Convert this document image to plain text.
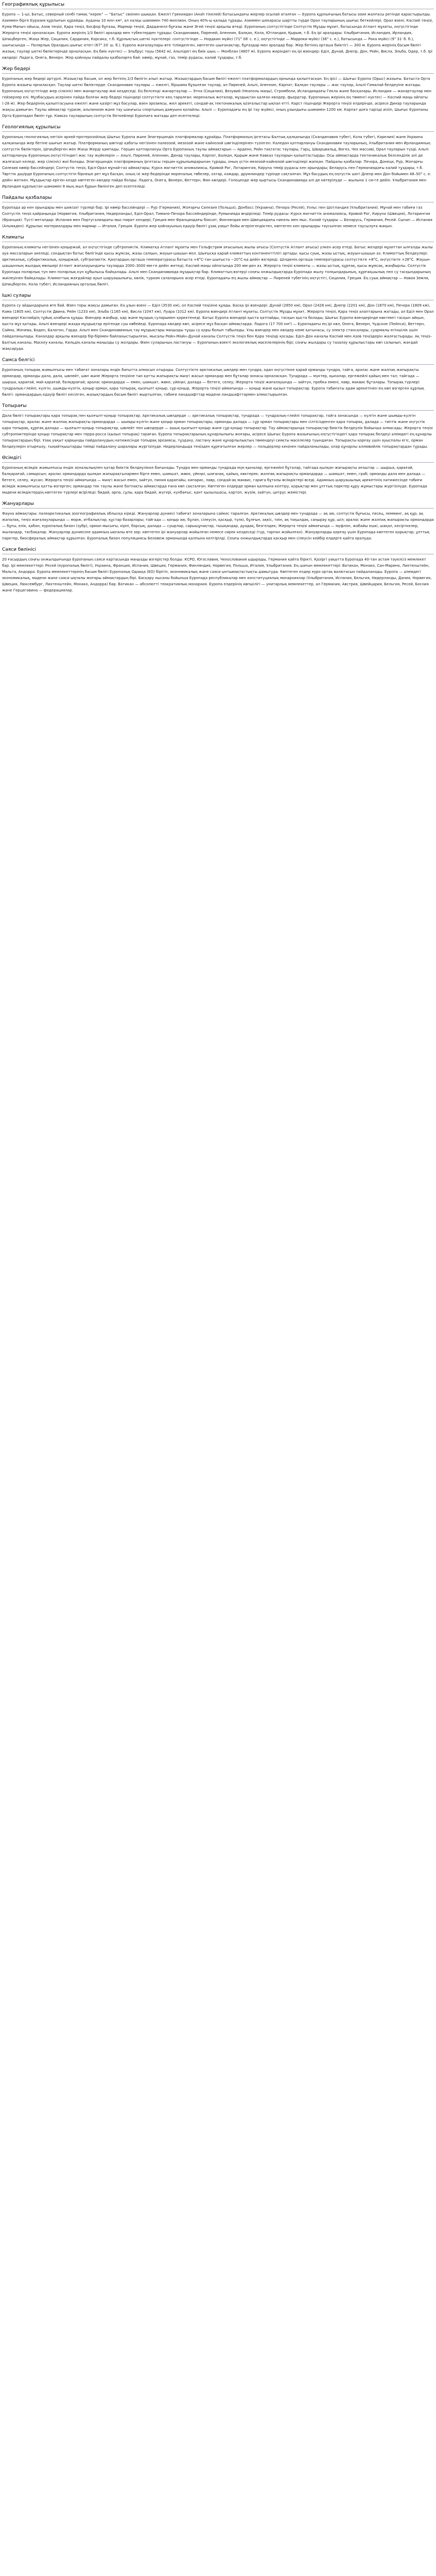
Географиялық құрылысы

Еуропа — 1-ші, Батыс, северный сенбі тамақ “керек” — “Батыс” сөзінен шыққан. Ежелгі Грекиядан (Анаһ тікелей) батысындағы жерлер осылай аталған — Еуропа құрлығының батысы азия жалғасы ретінде қарастырылды. Азиямен бірге Еуразия құрлығын құрайды. Ауданы 10 млн км², ал халқы шамамен 740 миллион. Оның 40%-ы қалада тұрады. Азиямен шекарасы шартты түрде Орал тауларының шығыс беткейлері, Орал өзені, Каспий теңізі, Кума-Маныч ойысы, Азов теңізі, Қара теңіз, Босфор бұғазы, Мәрмәр теңізі, Дарданелл бұғазы және Эгей теңізі арқылы өтеді. Еуропаның солтүстігінде Солтүстік Мұзды мұхит, батысында Атлант мұхиты, оңтүстігінде Жерорта теңізі орналасқан. Еуропа жерінің 1/3 бөлігі аралдар мен түбектерден тұрады: Скандинавия, Пиреней, Апеннин, Балқан, Кола, Ютландия, Қырым, т.б. Ең ірі аралдары: Ұлыбритания, Исландия, Ирландия, Шпицберген, Жаңа Жер, Сицилия, Сардиния, Корсика, т.б. Құрлықтың шеткі нүктелері: солтүстігінде — Нордкин мүйісі (71° 08′ с. е.), оңтүстігінде — Марроки мүйісі (36° с. е.), батысында — Рока мүйісі (9° 31′ б. б.), шығысында — Полярлық Оралдың шығыс етегі (67° 20′ ш. б.). Еуропа жағалаулары өте тілімделген, көптеген шығанақтар, бұғаздар мен аралдар бар. Жер бетінің орташа биіктігі — 300 м. Еуропа жерінің басым бөлігі жазық; таулар шеткі бөліктерінде орналасқан. Ең биік нүктесі — Эльбрус тауы (5642 м), Альпідегі ең биік шың — Монблан (4807 м). Еуропа жеріндегі ең ірі өзендер: Еділ, Дунай, Днепр, Дон, Рейн, Висла, Эльба, Одер, т.б. Ірі көлдері: Ладога, Онега, Венерн. Жер қойнауы пайдалы қазбаларға бай: көмір, мұнай, газ, темір рудасы, калий тұздары, т.б.

Жер бедері

Еуропаның жер бедері әртүрлі. Жазықтар басым, ол жер бетінің 2/3 бөлігін алып жатыр. Жазықтардың басым бөлігі ежелгі платформалардың орнында қалыптасқан. Ең ірісі — Шығыс Еуропа (Орыс) жазығы. Батыста Орта Еуропа жазығы орналасқан. Таулар шеткі бөліктерде. Скандинавия таулары — ежелгі, біршама бұзылған таулар, ал Пиреней, Альпі, Апеннин, Карпат, Балқан таулары — жас таулар, Альпі-Гималай белдеуіне жатады. Еуропаның оңтүстігінде жер сілкінісі мен жанартаулар жиі кездеседі. Ең белсенді жанартаулар — Этна (Сицилия), Везувий (Неаполь маңы), Стромболи, Исландиядағы Гекла және басқалары. Исландия — жанартаулар мен гейзерлер елі. Мұзбасудың әсерінен пайда болған жер бедері пішіндері солтүстікте кең таралған: мореналық жоталар, мұздықтан қалған көлдер, фьордтар. Еуропаның жерінің ең төменгі нүктесі — Каспий маңы ойпаты (-28 м). Жер бедерінің қалыптасуына ежелгі және қазіргі мұз басулар, өзен эрозиясы, жел әрекеті, сондай-ақ тектоникалық қозғалыстар ықпал етті. Карст пішіндері Жерорта теңізі елдерінде, әсіресе Динар тауларында жақсы дамыған. Таулы аймақтар туризм, альпинизм және тау шаңғысы спортының дамуына қолайлы. Альпі — Еуропадағы ең ірі тау жүйесі, оның ұзындығы шамамен 1200 км. Карпат доға тәрізді иіліп, Шығыс Еуропаны Орта Еуропадан бөліп тұр. Кавказ тауларының солтүстік беткейлері Еуропаға жатады деп есептеледі.

Геологиялық құрылысы

Еуропаның геологиялық негізін архей-протерозойлық Шығыс Еуропа және Эпигерциндік платформалар құрайды. Платформаның іргетасы Балтық қалқанында (Скандинавия түбегі, Кола түбегі, Карелия) және Украина қалқанында жер бетіне шығып жатыр. Платформаның шөгінді қабаты негізінен палеозой, мезозой және кайнозой шөгінділерінен түзілген. Каледон қатпарлануы Скандинавия тауларының, Ұлыбритания мен Ирландияның солтүстік бөліктерін, Шпицберген мен Жаңа Жерді қамтиды. Герцин қатпарлануы Орта Еуропаның таулы аймақтарын — Арденн, Рейн тақтатас таулары, Гарц, Шварцвальд, Вогез, Чех массиві, Орал тауларын түзді. Альпі қатпарлануы Еуропаның оңтүстігіндегі жас тау жүйелерін — Альпі, Пиреней, Апеннин, Динар таулары, Карпат, Балқан, Қырым және Кавказ тауларын қалыптастырды. Осы аймақтарда тектоникалық белсенділік әлі де жалғасып келеді, жер сілкінісі жиі болады. Эпигерциндік платформаның іргетасы герцин құрылымдарынан тұрады, оның үстін мезозой-кайнозой шөгінділері жапқан. Пайдалы қазбалар: Печора, Донецк, Рур, Жоғарғы Силезия көмір бассейндері; Солтүстік теңіз, Еділ-Орал мұнай-газ аймақтары; Курск магниттік аномалиясы, Кривой Рог, Лотарингия, Кируна темір рудасы кен орындары; Беларусь пен Германиядағы калий тұздары; т.б. Төрттік дәуірде Еуропаның солтүстігін бірнеше рет мұз басқан, оның ізі жер бедерінде мореналық төбелер, озтар, камдар, друмлиндер түрінде сақталған. Мұз басудың ең оңтүстік шегі Днепр мен Дон бойымен 48–50° с. е. дейін жеткен. Мұздықтар еріген кезде көптеген көлдер пайда болды: Ладога, Онега, Венерн, Веттерн, Фин көлдері. Голоценде жер қыртысы Скандинавияда әлі де көтерілуде — жылына 1 см-ге дейін. Ұлыбритания мен Ирландия құрлықтан шамамен 8 мың жыл бұрын бөлінген деп есептеледі.

Пайдалы қазбалары

Еуропада әр кен орындары мен шикізат түрлері бар. Ірі көмір бассейндері — Рур (Германия), Жоғарғы Силезия (Польша), Донбасс (Украина), Печора (Ресей), Уэльс пен Шотландия (Ұлыбритания). Мұнай мен табиғи газ Солтүстік теңіз қайраңында (Норвегия, Ұлыбритания, Нидерланды), Еділ-Орал, Тимано-Печора бассейндерінде, Румынияда өндіріледі. Темір рудасы: Курск магниттік аномалиясы, Кривой Рог, Кируна (Швеция), Лотарингия (Франция). Түсті металдар: Испания мен Португалиядағы мыс-пирит кендері, Греция мен Франциядағы боксит, Финляндия мен Швециядағы никель мен мыс. Калий тұздары — Беларусь, Германия, Ресей. Сынап — Испания (Альмаден). Құрылыс материалдары мен мәрмәр — Италия, Греция. Еуропа жер қойнауының едәуір бөлігі ұзақ уақыт бойы игерілгендіктен, көптеген кен орындары таусылған немесе таусылуға жақын.

Климаты

Еуропаның климаты негізінен қоңыржай, ал оңтүстігінде субтропиктік. Климатқа Атлант мұхиты мен Гольфстрим ағысының жылы ағысы (Солтүстік Атлант ағысы) үлкен әсер етеді. Батыс желдері мұхиттан ылғалды жылы ауа массаларын әкеледі, сондықтан батыс бөлігінде қысы жұмсақ, жазы салқын, жауын-шашын мол. Шығысқа қарай климаттың континенттілігі артады: қысы суық, жазы ыстық, жауын-шашын аз. Климаттық белдеулері: арктикалық, субарктикалық, қоңыржай, субтропиктік. Қаңтардың орташа температурасы батыста +8°C-тан шығыста −20°C-қа дейін өзгереді. Шілденің орташа температурасы солтүстікте +8°C, оңтүстікте +28°C. Жауын-шашынның жылдық мөлшері Атлант жағалауындағы тауларда 2000–3000 мм-ге дейін жетеді, Каспий маңы ойпатында 200 мм-ден аз. Жерорта теңізі климаты — жазы ыстық, құрғақ, қысы жұмсақ, жаңбырлы. Солтүстік Еуропада полярлық түн мен полярлық күн құбылысы байқалады. Альпі мен Скандинавияда мұздықтар бар. Климаттың өзгеруі соңғы онжылдықтарда Еуропада жылу толқындарының, құрғақшылық пен су тасқындарының жиілеуінен байқалады. Климаттық жағдайлар ауыл шаруашылығы, көлік, туризм салаларына әсер етеді. Еуропадағы ең жылы аймақтар — Пиреней түбегінің оңтүстігі, Сицилия, Греция. Ең суық аймақтар — Новая Земля, Шпицберген, Кола түбегі, Исландияның орталық бөлігі.

Ішкі сулары

Еуропа су айдындарына өте бай. Өзен торы жақсы дамыған. Ең ұзын өзені — Еділ (3530 км), ол Каспий теңізіне құяды. Басқа ірі өзендері: Дунай (2850 км), Орал (2428 км), Днепр (2201 км), Дон (1870 км), Печора (1809 км), Кама (1805 км), Солтүстік Двина, Рейн (1233 км), Эльба (1165 км), Висла (1047 км), Луара (1012 км). Еуропа өзендері Атлант мұхиты, Солтүстік Мұзды мұхит, Жерорта теңізі, Қара теңіз алаптарына жатады, ал Еділ мен Орал өзендері Каспийдің тұйық алабына құяды. Өзендер жаңбыр, қар және мұздық суларымен қоректенеді. Батыс Еуропа өзендері қыста қатпайды, тасқын қыста болады; Шығыс Еуропа өзендерінде көктемгі тасқын айқын, қыста мұз қатады. Альпі өзендері жазда мұздықтар ерігенде суы көбейеді. Еуропада көлдер көп, әсіресе мұз басқан аймақтарда: Ладога (17 700 км²) — Еуропадағы ең ірі көл, Онега, Венерн, Чудское (Пейпси), Веттерн, Сайма, Женева, Боден, Балатон, Гарда. Альпі мен Скандинавияның тау мұздықтары маңызды тұщы су қоры болып табылады. Ұлы өзендер мен көлдер кеме қатынасы, су электр стансалары, суармалы егіншілік үшін пайдаланылады. Каналдар арқылы өзендер бір-бірімен байланыстырылған, мысалы Рейн–Майн–Дунай каналы Солтүстік теңіз бен Қара теңізді қосады. Еділ–Дон каналы Каспий мен Азов теңіздерін жалғастырады. Ақ теңіз–Балтық каналы, Мәскеу каналы, Кильдің каналы маңызды су жолдары. Өзен суларының ластануы — Еуропаның өзекті экологиялық мәселелерінің бірі; соңғы жылдары су тазалау құрылыстары көп салынып, жағдай жақсаруда.

Самса белгісі

Еуропаның топырақ жамылғысы мен табиғат зоналары ендік бағытта алмасып отырады. Солтүстікте арктикалық шөлдер мен тундра, одан оңтүстікке қарай орманды тундра, тайга, аралас және жалпақ жапырақты ормандар, орманды дала, дала, шөлейт, шөл және Жерорта теңізіне тән қатты жапырақты мәңгі жасыл ормандар мен бұталар зонасы орналасқан. Тундрада — мүктер, қыналар, ергежейлі қайың мен тал; тайгада — шырша, қарағай, май қарағай, балқарағай; аралас ормандарда — емен, шамшат, жөке, үйеңкі; далада — бетеге, селеу; Жерорта теңізі жағалауында — зәйтүн, пробка емені, лавр, маквис бұталары. Топырақ түрлері: тундралық-глейлі, күлгін, шымды-күлгін, қоңыр орман, қара топырақ, қызғылт қоңыр, сұр-қоңыр, Жерорта теңізі аймағында — қоңыр және қызыл топырақтар. Еуропа табиғаты адам әрекетінен ең көп өзгерген құрлық бөлігі: ормандардың едәуір бөлігі кесілген, жазықтардың басым бөлігі жыртылған, табиғи ландшафттар мәдени ландшафттармен алмастырылған.

Топырағы

Дала бөлігі топырақтары қара топырақ пен қызғылт-қоңыр топырақтар. Арктикалық шөлдерде — арктикалық топырақтар, тундрада — тундралық-глейлі топырақтар, тайга зонасында — күлгін және шымды-күлгін топырақтар, аралас және жалпақ жапырақты ормандарда — шымды-күлгін және қоңыр орман топырақтары, орманды далада — сұр орман топырақтары мен сілтісізденген қара топырақ, далада — типтік және оңтүстік қара топырақ, құрғақ далада — қызғылт-қоңыр топырақтар, шөлейт пен шөлдерде — ашық қызғылт-қоңыр және сұр-қоңыр топырақтар. Тау аймақтарында топырақтар биіктік белдеулік бойынша алмасады. Жерорта теңізі субтропиктерінде қоңыр топырақтар мен терра-росса (қызыл топырақ) тараған. Еуропа топырақтарының құнарлылығы жоғары, әсіресе Шығыс Еуропа жазығының оңтүстігіндегі қара топырақ белдеуі әлемдегі ең құнарлы топырақтардың бірі. Ұзақ уақыт қарқынды пайдаланудың нәтижесінде топырақ эрозиясы, тұздану, ластану және құнарлылықтың төмендеуі сияқты мәселелер туындаған. Топырақты қорғау үшін ауыспалы егіс, орман белдеулерін отырғызу, тыңайтқыштарды тиімді пайдалану шаралары жүргізілуде. Нидерландыда теңізден құрғатылған жерлер — польдерлер кеңінен пайдаланылады, олар құнарлы аллювийлік топырақтардан тұрады.

Өсімдігі

Еуропаның өсімдік жамылғысы ендік зоналылықпен қатар биіктік белдеулікке бағынады. Тундра мен орманды тундрада мүк-қыналар, ергежейлі бұталар, тайгада қылқан жапырақты ағаштар — шырша, қарағай, балқарағай, самырсын; аралас ормандарда қылқан жапырақтылармен бірге емен, шамшат, жөке, үйеңкі, шағанақ, қайың, көктерек; жалпақ жапырақты ормандарда — шамшат, емен, граб; орманды дала мен далада — бетеге, селеу, жусан; Жерорта теңізі аймағында — мәңгі жасыл емен, зәйтүн, пиния қарағайы, кипарис, лавр, сондай-ақ маквис, гарига бұталы өсімдіктері өседі. Адамның шаруашылық әрекетінің нәтижесінде табиғи өсімдік жамылғысы қатты өзгерген; ормандар тек таулы және батпақты аймақтарда ғана көп сақталған. Көптеген елдерде орман қалпына келтіру, қорықтар мен ұлттық парктер құру жұмыстары жүргізілуде. Еуропада мәдени өсімдіктердің көптеген түрлері өсіріледі: бидай, арпа, сұлы, қара бидай, жүгері, күнбағыс, қант қызылшасы, картоп, жүзім, зәйтүн, цитрус жемістері.

Жануарлары

Фауна аймақтары: палеарктикалық зоогеографиялық облысқа кіреді. Жануарлар дүниесі табиғат зоналарына сәйкес таралған. Арктикалық шөлдер мен тундрада — ақ аю, солтүстік бұғысы, песец, лемминг, ақ құр, ақ жапалақ, теңіз жағалауларында — морж, итбалықтар, құстар базарлары; тайгада — қоңыр аю, бұлан, сілеусін, қасқыр, түлкі, бұлғын, ақкіс, тиін, ақ тоқылдақ, саңырау құр, шіл; аралас және жалпақ жапырақты ормандарда — бұғы, елік, қабан, еуропалық бизон (зубр), орман мысығы, кірпі, борсық; далада — суырлар, сарышұнақтар, тышқандар, дуадақ, безгелдек; Жерорта теңізі аймағында — муфлон, жабайы ешкі, шақал, кесірткелер, жыландар, тасбақалар. Жануарлар дүниесіне адамның ықпалы өте зор: көптеген ірі жануарлар жойылған немесе сирек кездеседі (тур, тарпан жойылған). Жануарларды қорғау үшін Еуропада көптеген қорықтар, ұлттық парктер, биосфералық аймақтар құрылған. Еуропалық бизон популяциясы Беловеж орманында қалпына келтірілді. Соңғы онжылдықтарда қасқыр мен сілеусін кейбір елдерге қайта оралуда.

Саяси бөлінісі

20 ғасырдың соңғы онжылдығында Еуропаның саяси картасында маңызды өзгерістер болды: КСРО, Югославия, Чехословакия ыдырады, Германия қайта бірікті. Қазіргі уақытта Еуропада 40-тан астам тәуелсіз мемлекет бар. Ірі мемлекеттері: Ресей (еуропалық бөлігі), Украина, Франция, Испания, Швеция, Германия, Финляндия, Норвегия, Польша, Италия, Ұлыбритания. Ең шағын мемлекеттері: Ватикан, Монако, Сан-Марино, Лихтенштейн, Мальта, Андорра. Еуропа мемлекеттерінің басым бөлігі Еуропалық Одаққа (ЕО) бірігіп, экономикалық және саяси ынтымақтастықты дамытуда. Көптеген елдер еуро ортақ валютасын пайдаланады. Еуропа — әлемдегі экономикалық, мәдени және саяси ықпалы жоғары аймақтардың бірі. Басқару нысаны бойынша Еуропада республикалар мен конституциялық монархиялар (Ұлыбритания, Испания, Бельгия, Нидерланды, Дания, Норвегия, Швеция, Люксембург, Лихтенштейн, Монако, Андорра) бар. Ватикан — абсолютті теократиялық монархия. Еуропа елдерінің көпшілігі — унитарлық мемлекеттер, ал Германия, Австрия, Швейцария, Бельгия, Ресей, Босния және Герцеговина — федерациялар.
